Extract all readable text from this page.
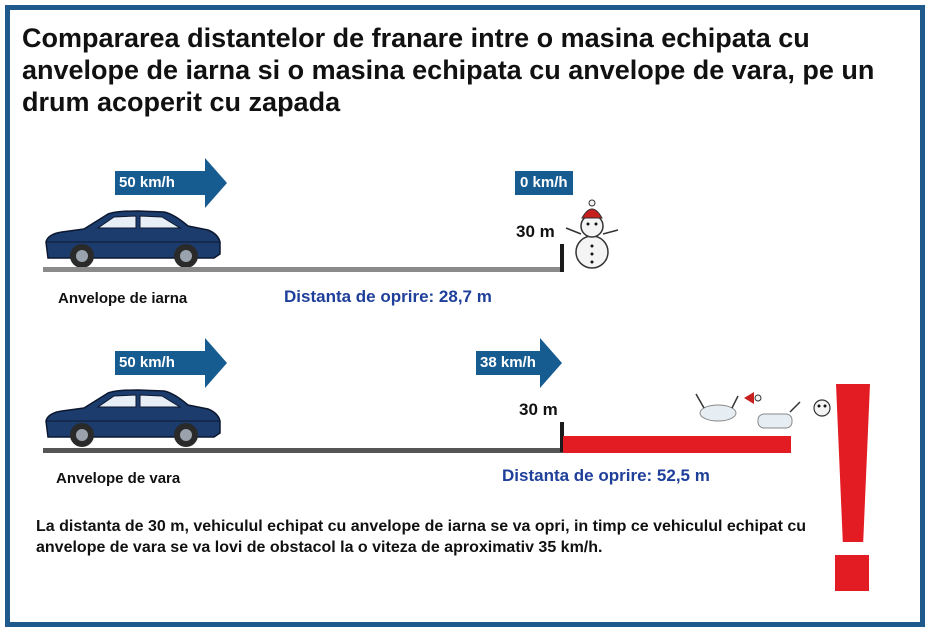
Compararea distantelor de franare intre o masina echipata cu anvelope de iarna si o masina echipata cu anvelope de vara, pe un drum acoperit cu zapada
50 km/h	0 km/h
30 m
Anvelope de iarna	Distanta de oprire: 28,7 m
50 km/h	38 km/h
30 m
Anvelope de vara	Distanta de oprire: 52,5 m
La distanta de 30 m, vehiculul echipat cu anvelope de iarna se va opri, in timp ce vehiculul echipat cu anvelope de vara se va lovi de obstacol la o viteza de aproximativ 35 km/h.
